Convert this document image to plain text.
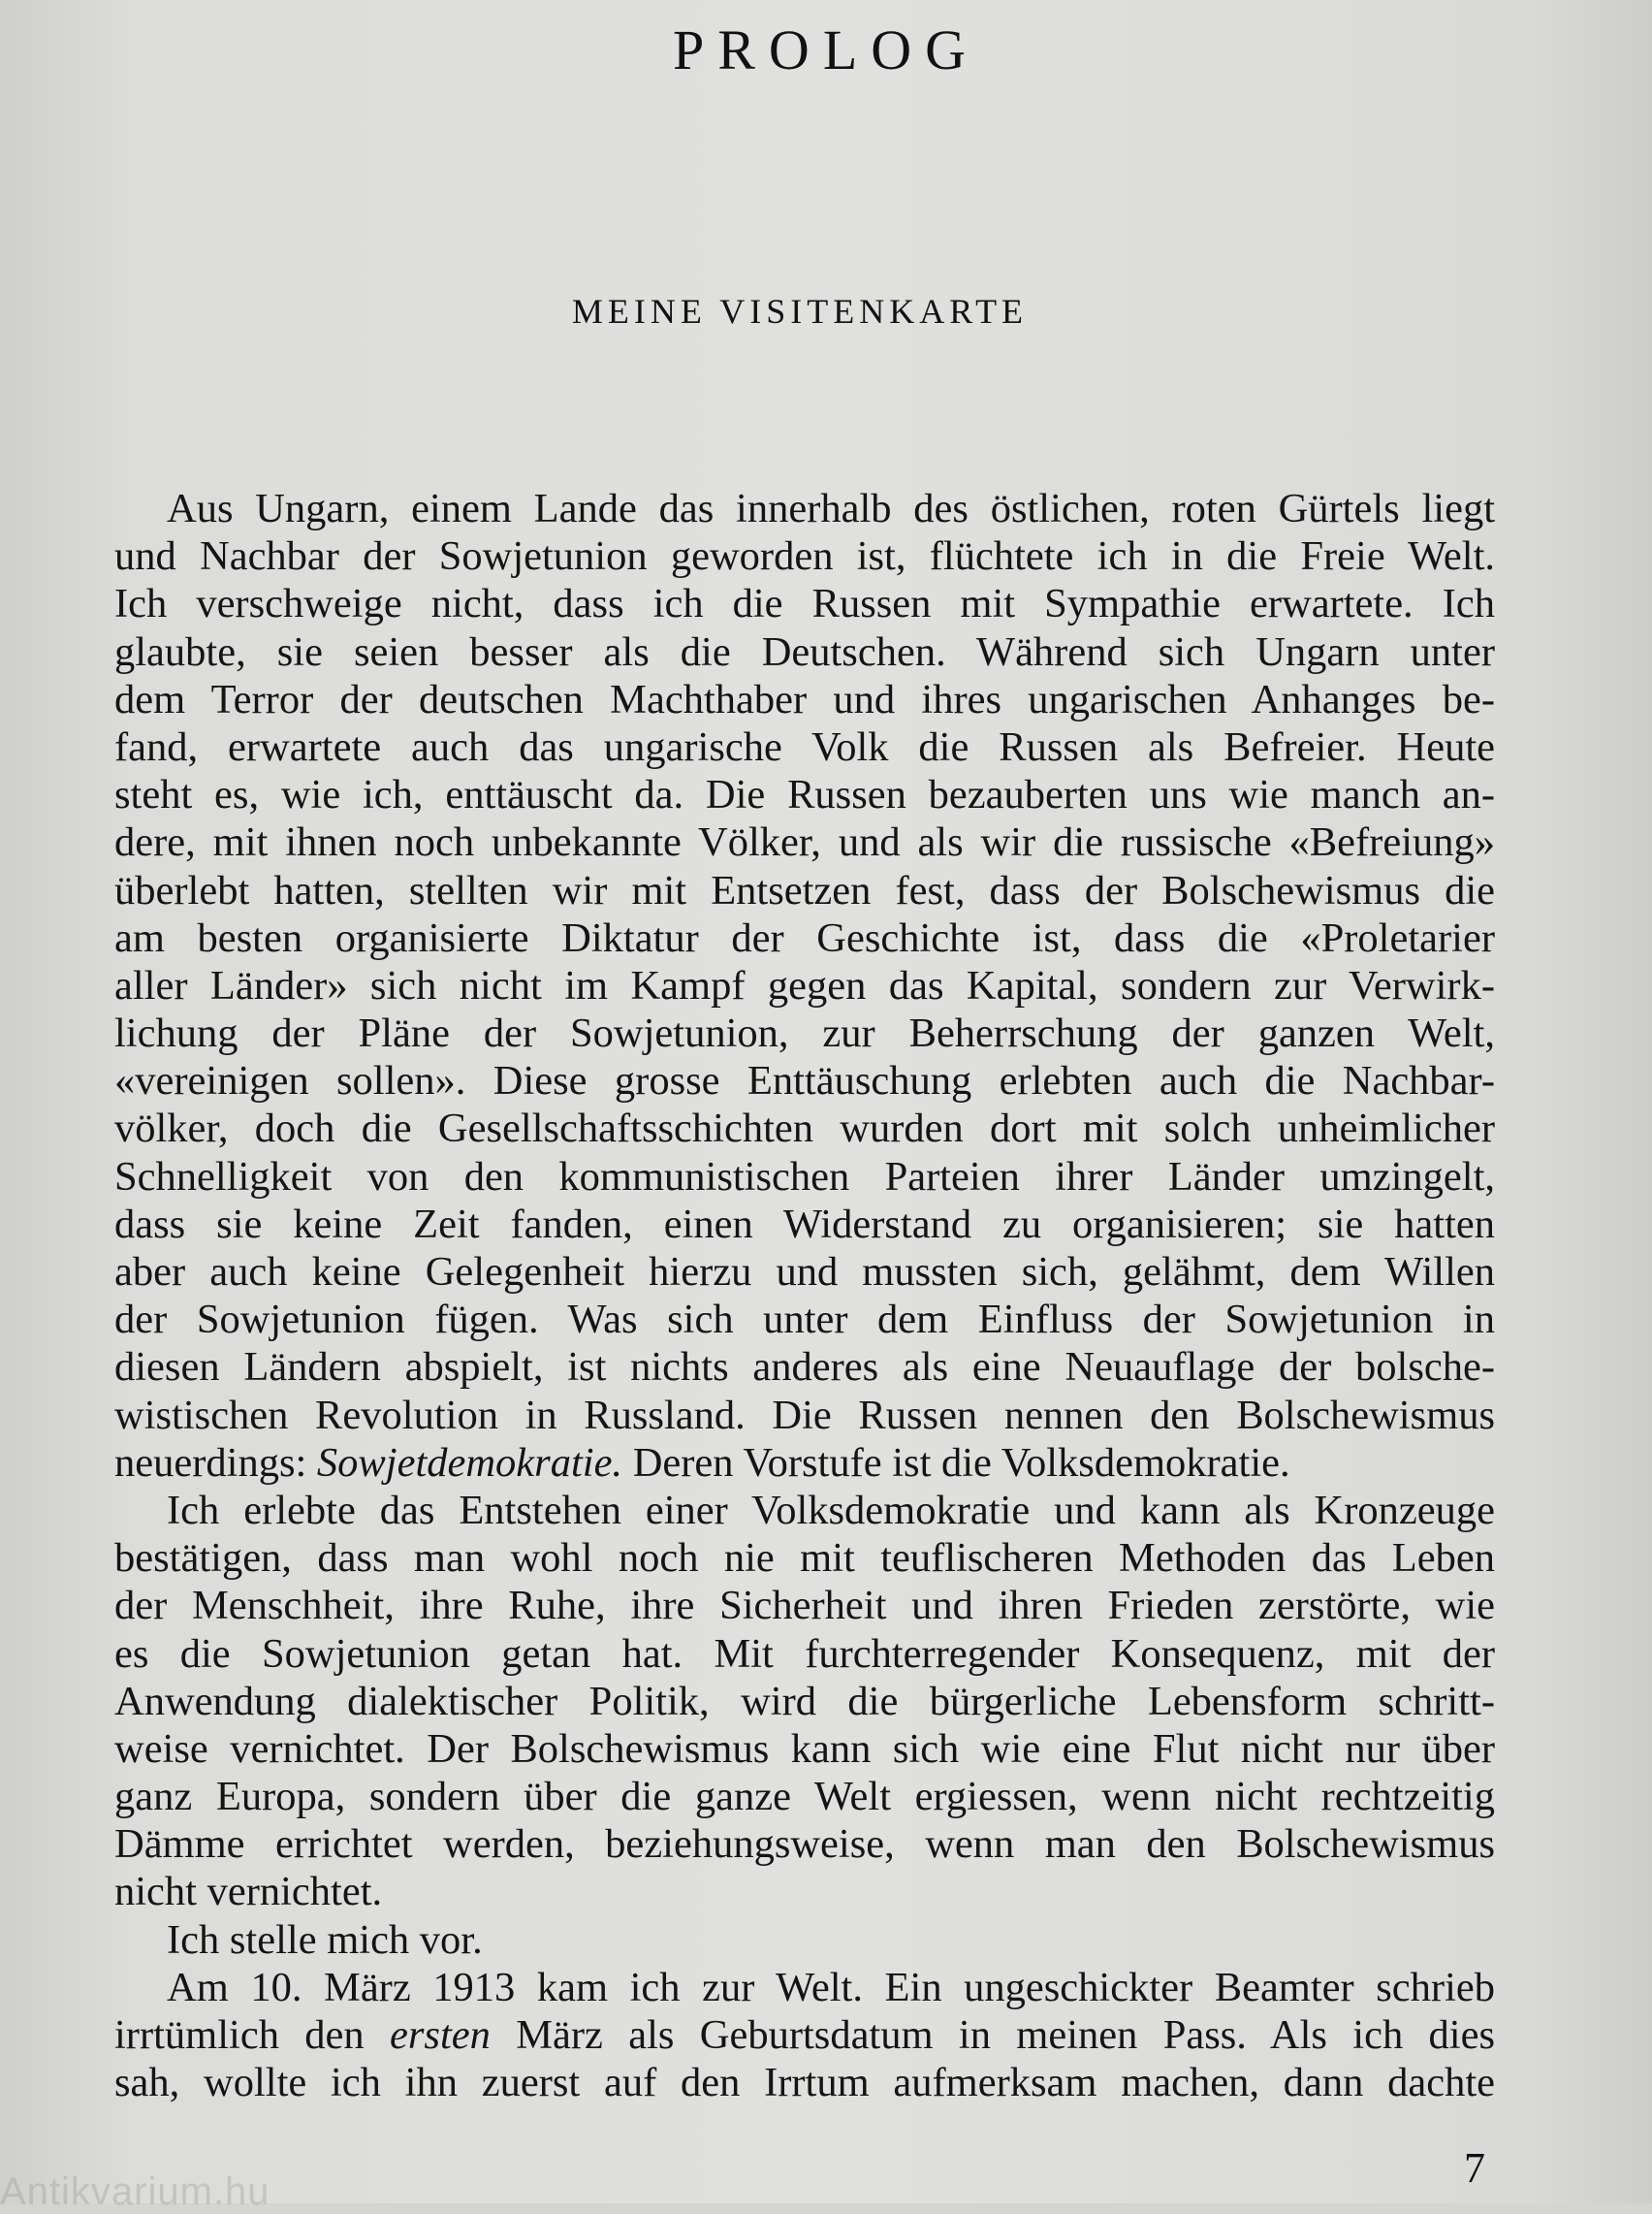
PROLOG
MEINE VISITENKARTE
Aus Ungarn, einem Lande das innerhalb des östlichen, roten Gürtels liegt
und Nachbar der Sowjetunion geworden ist, flüchtete ich in die Freie Welt.
Ich verschweige nicht, dass ich die Russen mit Sympathie erwartete. Ich
glaubte, sie seien besser als die Deutschen. Während sich Ungarn unter
dem Terror der deutschen Machthaber und ihres ungarischen Anhanges be-
fand, erwartete auch das ungarische Volk die Russen als Befreier. Heute
steht es, wie ich, enttäuscht da. Die Russen bezauberten uns wie manch an-
dere, mit ihnen noch unbekannte Völker, und als wir die russische «Befreiung»
überlebt hatten, stellten wir mit Entsetzen fest, dass der Bolschewismus die
am besten organisierte Diktatur der Geschichte ist, dass die «Proletarier
aller Länder» sich nicht im Kampf gegen das Kapital, sondern zur Verwirk-
lichung der Pläne der Sowjetunion, zur Beherrschung der ganzen Welt,
«vereinigen sollen». Diese grosse Enttäuschung erlebten auch die Nachbar-
völker, doch die Gesellschaftsschichten wurden dort mit solch unheimlicher
Schnelligkeit von den kommunistischen Parteien ihrer Länder umzingelt,
dass sie keine Zeit fanden, einen Widerstand zu organisieren; sie hatten
aber auch keine Gelegenheit hierzu und mussten sich, gelähmt, dem Willen
der Sowjetunion fügen. Was sich unter dem Einfluss der Sowjetunion in
diesen Ländern abspielt, ist nichts anderes als eine Neuauflage der bolsche-
wistischen Revolution in Russland. Die Russen nennen den Bolschewismus
neuerdings: Sowjetdemokratie. Deren Vorstufe ist die Volksdemokratie.
Ich erlebte das Entstehen einer Volksdemokratie und kann als Kronzeuge
bestätigen, dass man wohl noch nie mit teuflischeren Methoden das Leben
der Menschheit, ihre Ruhe, ihre Sicherheit und ihren Frieden zerstörte, wie
es die Sowjetunion getan hat. Mit furchterregender Konsequenz, mit der
Anwendung dialektischer Politik, wird die bürgerliche Lebensform schritt-
weise vernichtet. Der Bolschewismus kann sich wie eine Flut nicht nur über
ganz Europa, sondern über die ganze Welt ergiessen, wenn nicht rechtzeitig
Dämme errichtet werden, beziehungsweise, wenn man den Bolschewismus
nicht vernichtet.
Ich stelle mich vor.
Am 10. März 1913 kam ich zur Welt. Ein ungeschickter Beamter schrieb
irrtümlich den ersten März als Geburtsdatum in meinen Pass. Als ich dies
sah, wollte ich ihn zuerst auf den Irrtum aufmerksam machen, dann dachte
7
Antikvarium.hu
